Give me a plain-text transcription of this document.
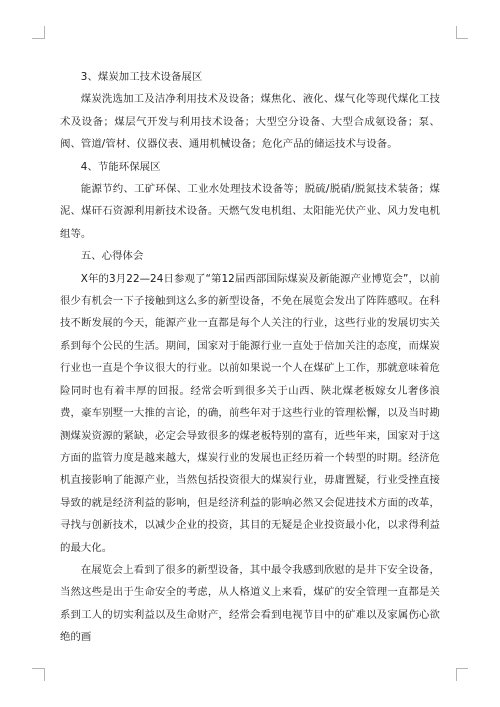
3、煤炭加工技术设备展区

煤炭洗选加工及洁净利用技术及设备；煤焦化、液化、煤气化等现代煤化工技术及设备；煤层气开发与利用技术设备；大型空分设备、大型合成氨设备；泵、阀、管道/管材、仪器仪表、通用机械设备；危化产品的储运技术与设备。

4、节能环保展区

能源节约、工矿环保、工业水处理技术设备等；脱硫/脱硝/脱氮技术装备；煤泥、煤矸石资源利用新技术设备。天燃气发电机组、太阳能光伏产业、风力发电机组等。

五、心得体会

X年的3月22—24日参观了“第12届西部国际煤炭及新能源产业博览会”，以前很少有机会一下子接触到这么多的新型设备，不免在展览会发出了阵阵感叹。在科技不断发展的今天，能源产业一直都是每个人关注的行业，这些行业的发展切实关系到每个公民的生活。期间，国家对于能源行业一直处于倍加关注的态度，而煤炭行业也一直是个争议很大的行业。以前如果说一个人在煤矿上工作，那就意味着危险同时也有着丰厚的回报。经常会听到很多关于山西、陕北煤老板嫁女儿奢侈浪费，豪车别墅一大推的言论，的确，前些年对于这些行业的管理松懈，以及当时勘测煤炭资源的紧缺，必定会导致很多的煤老板特别的富有，近些年来，国家对于这方面的监管力度是越来越大，煤炭行业的发展也正经历着一个转型的时期。经济危机直接影响了能源产业，当然包括投资很大的煤炭行业，毋庸置疑，行业受挫直接导致的就是经济利益的影响，但是经济利益的影响必然又会促进技术方面的改革，寻找与创新技术，以减少企业的投资，其目的无疑是企业投资最小化，以求得利益的最大化。

在展览会上看到了很多的新型设备，其中最令我感到欣慰的是井下安全设备，当然这些是出于生命安全的考虑，从人格道义上来看，煤矿的安全管理一直都是关系到工人的切实利益以及生命财产，经常会看到电视节目中的矿难以及家属伤心欲绝的画
